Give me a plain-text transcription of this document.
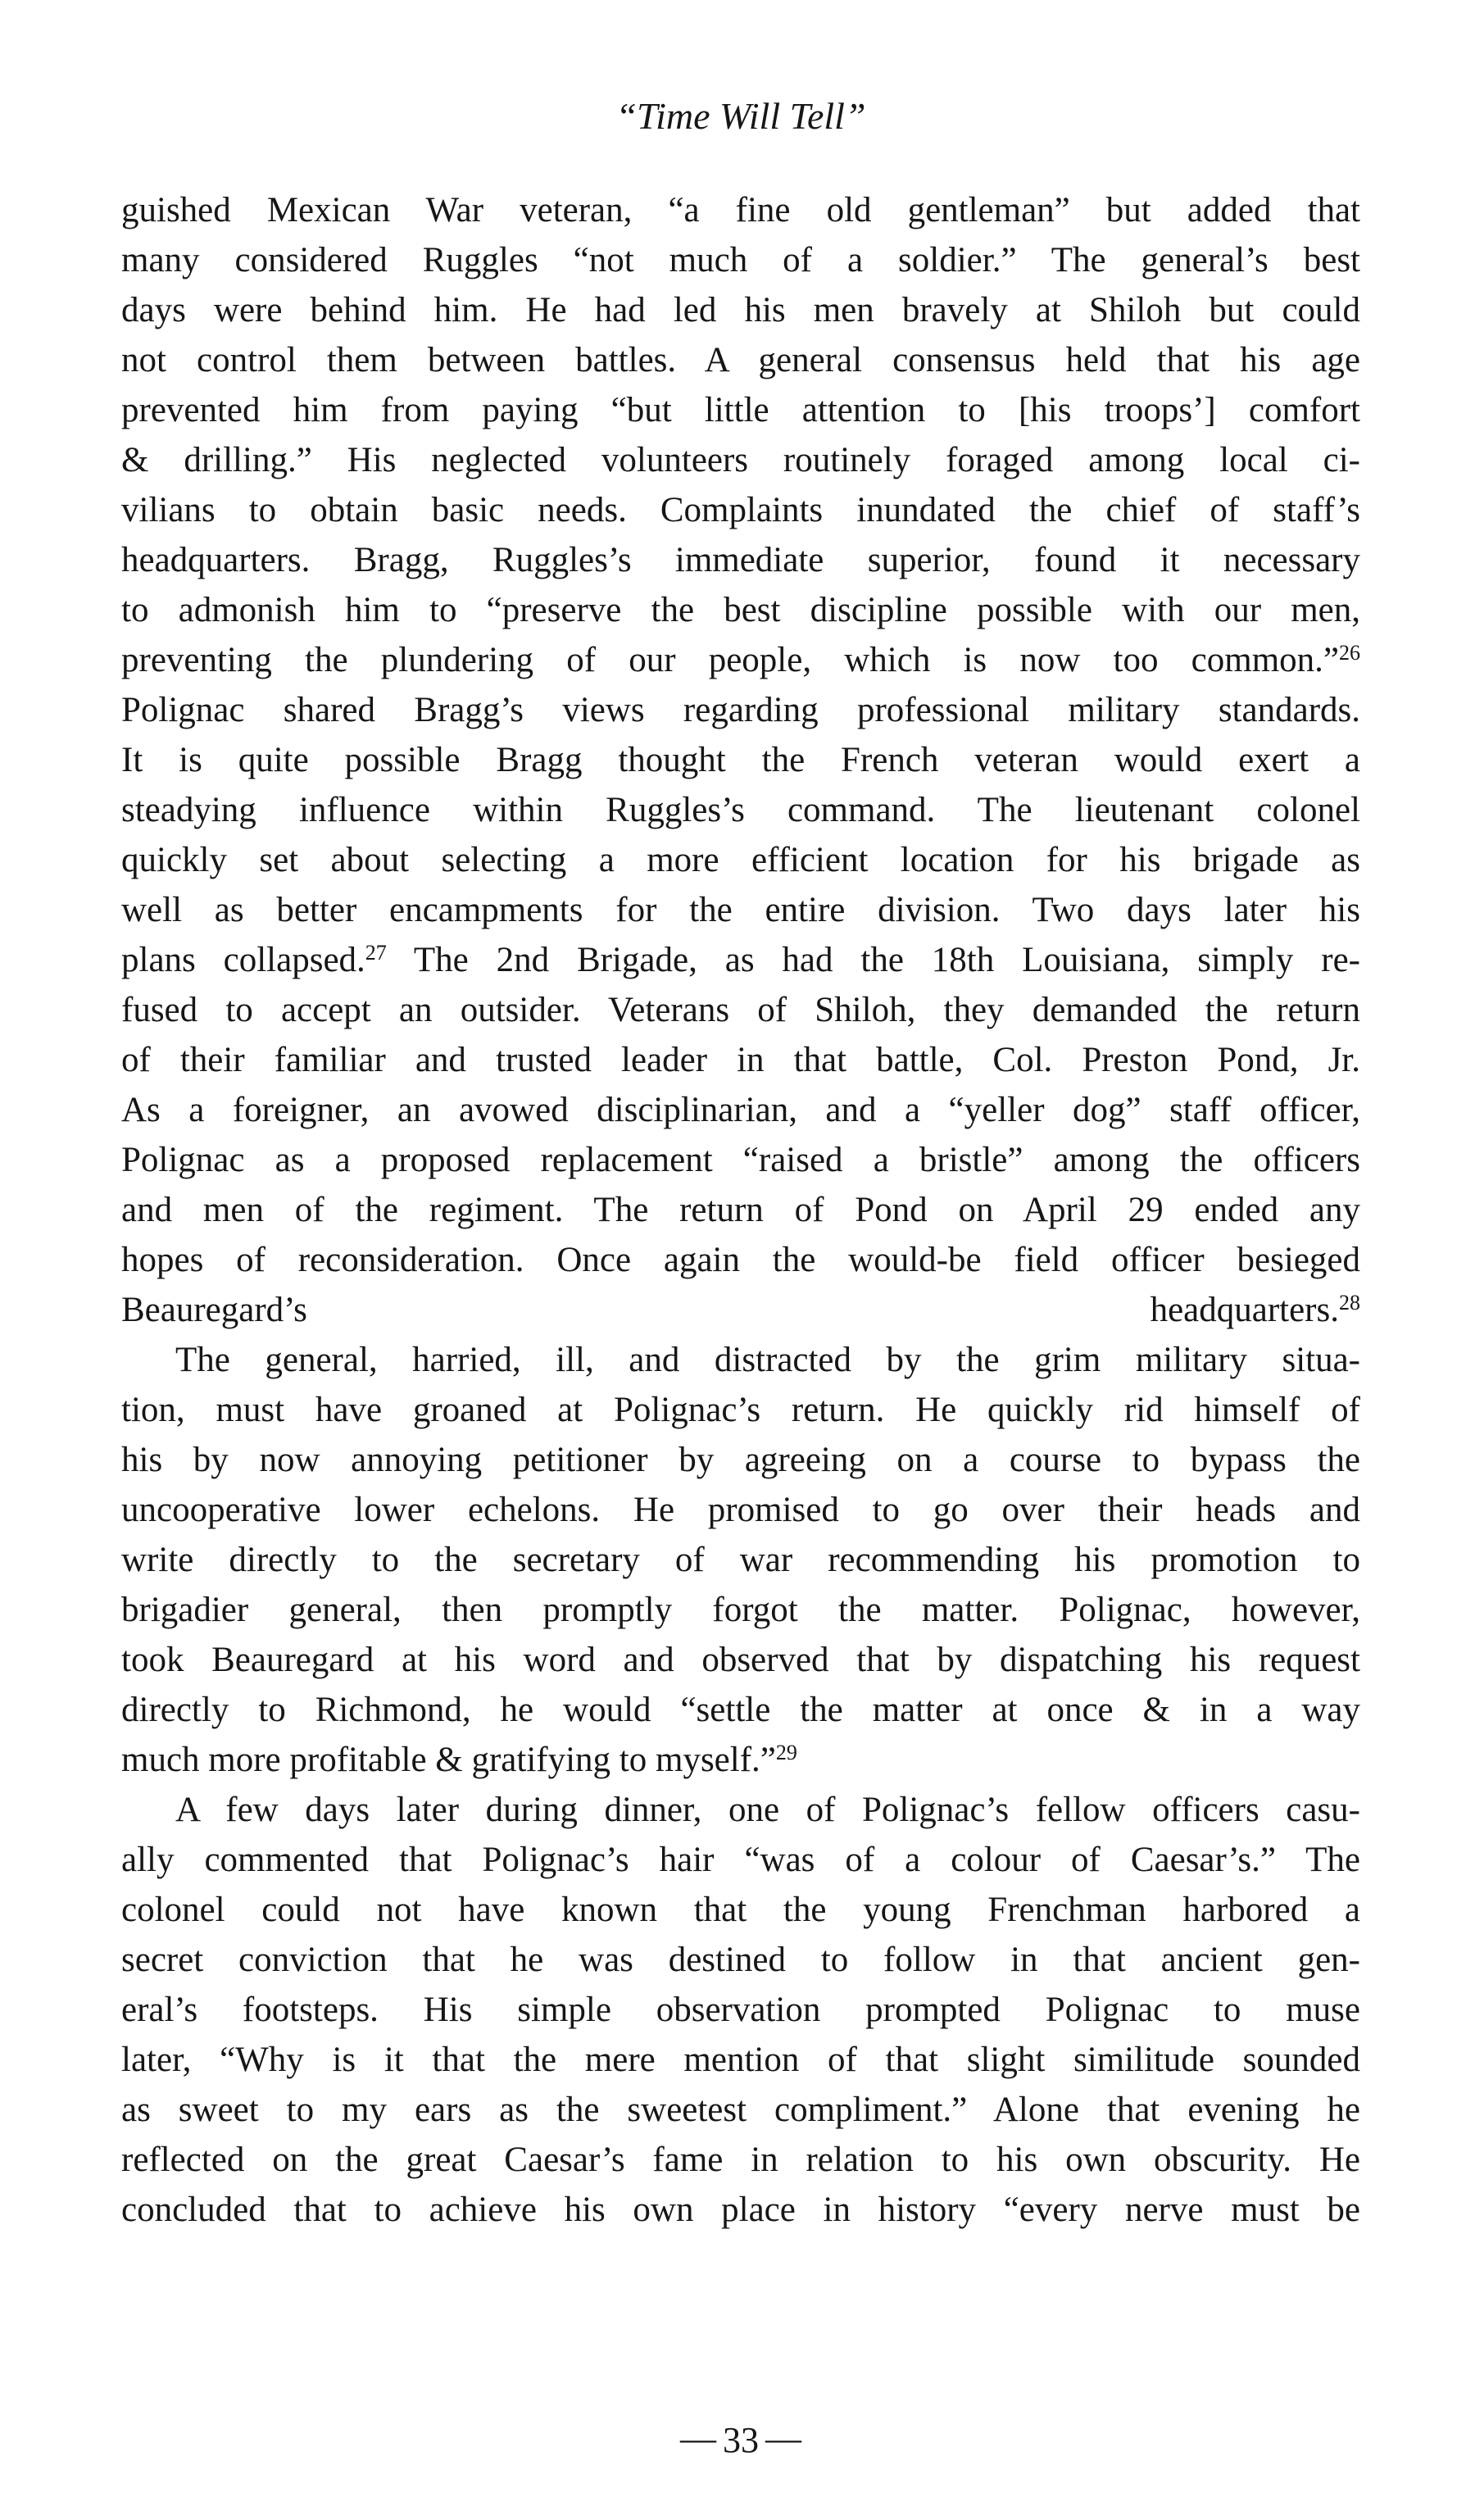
“Time Will Tell”
guished Mexican War veteran, “a fine old gentleman” but added that
many considered Ruggles “not much of a soldier.” The general’s best
days were behind him. He had led his men bravely at Shiloh but could
not control them between battles. A general consensus held that his age
prevented him from paying “but little attention to [his troops’] comfort
& drilling.” His neglected volunteers routinely foraged among local ci-
vilians to obtain basic needs. Complaints inundated the chief of staff’s
headquarters. Bragg, Ruggles’s immediate superior, found it necessary
to admonish him to “preserve the best discipline possible with our men,
preventing the plundering of our people, which is now too common.”$^{26}$
Polignac shared Bragg’s views regarding professional military standards.
It is quite possible Bragg thought the French veteran would exert a
steadying influence within Ruggles’s command. The lieutenant colonel
quickly set about selecting a more efficient location for his brigade as
well as better encampments for the entire division. Two days later his
plans collapsed.$^{27}$ The 2nd Brigade, as had the 18th Louisiana, simply re-
fused to accept an outsider. Veterans of Shiloh, they demanded the return
of their familiar and trusted leader in that battle, Col. Preston Pond, Jr.
As a foreigner, an avowed disciplinarian, and a “yeller dog” staff officer,
Polignac as a proposed replacement “raised a bristle” among the officers
and men of the regiment. The return of Pond on April 29 ended any
hopes of reconsideration. Once again the would-be field officer besieged
Beauregard’s headquarters.$^{28}$
The general, harried, ill, and distracted by the grim military situa-
tion, must have groaned at Polignac’s return. He quickly rid himself of
his by now annoying petitioner by agreeing on a course to bypass the
uncooperative lower echelons. He promised to go over their heads and
write directly to the secretary of war recommending his promotion to
brigadier general, then promptly forgot the matter. Polignac, however,
took Beauregard at his word and observed that by dispatching his request
directly to Richmond, he would “settle the matter at once & in a way
much more profitable & gratifying to myself.”$^{29}$
A few days later during dinner, one of Polignac’s fellow officers casu-
ally commented that Polignac’s hair “was of a colour of Caesar’s.” The
colonel could not have known that the young Frenchman harbored a
secret conviction that he was destined to follow in that ancient gen-
eral’s footsteps. His simple observation prompted Polignac to muse
later, “Why is it that the mere mention of that slight similitude sounded
as sweet to my ears as the sweetest compliment.” Alone that evening he
reflected on the great Caesar’s fame in relation to his own obscurity. He
concluded that to achieve his own place in history “every nerve must be
— 33 —
